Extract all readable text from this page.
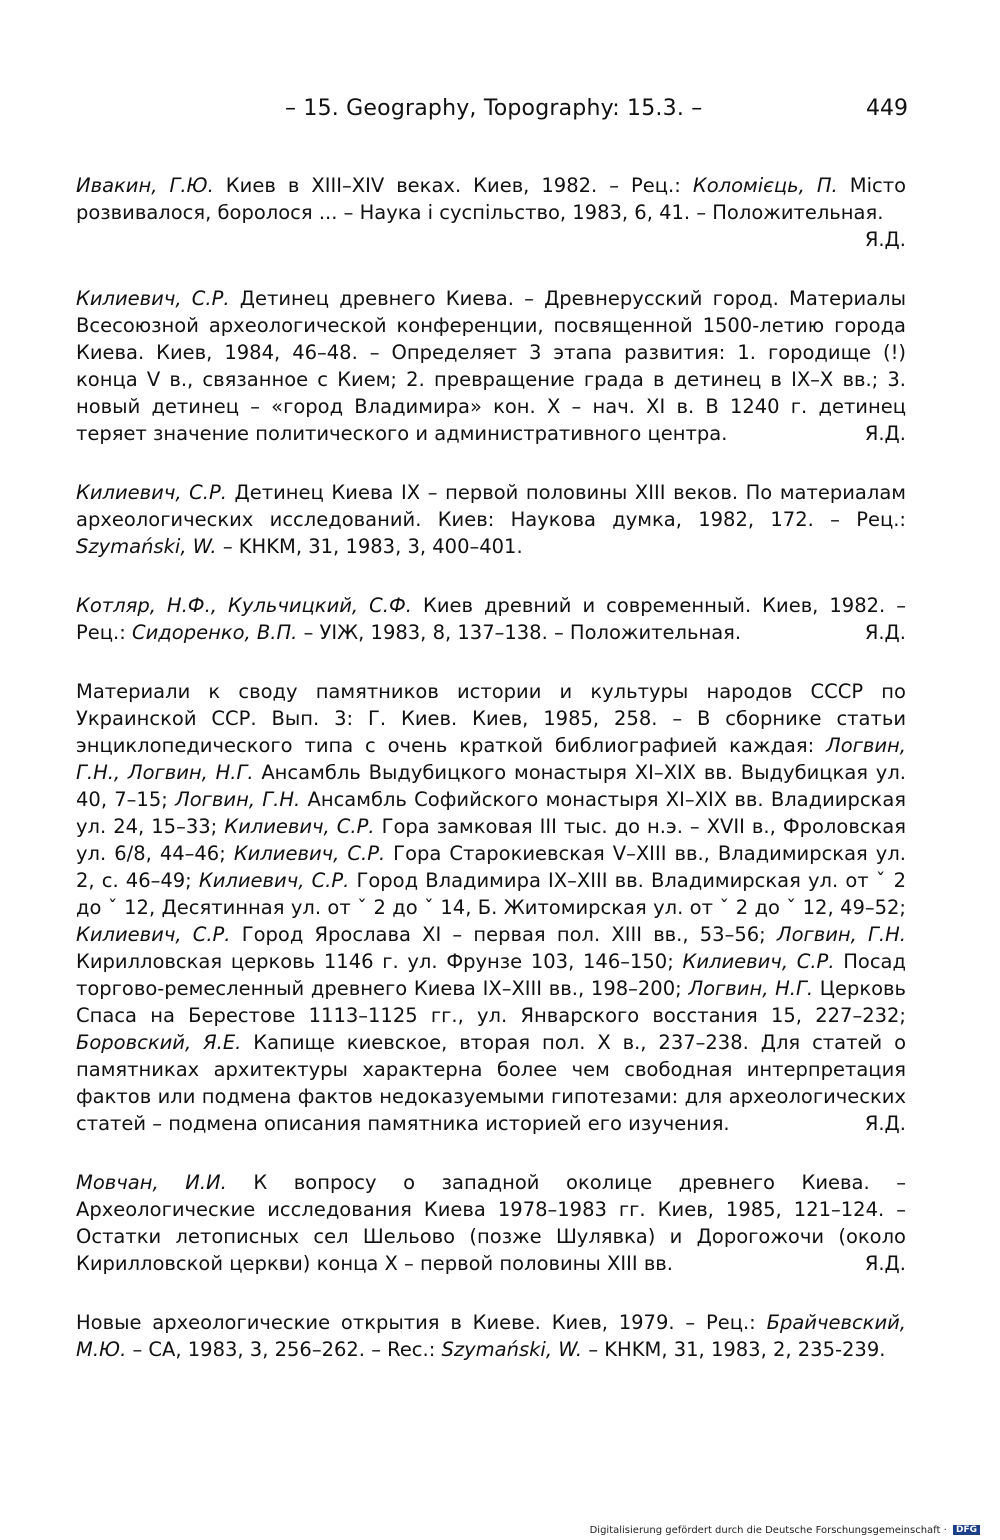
– 15. Geography, Topography: 15.3. –	449
Ивакин, Г.Ю. Киев в XIII–XIV веках. Киев, 1982. – Рец.: Коломієць, П. Місто розвивалося, боролося ... – Наука і суспільство, 1983, 6, 41. – Положительная.
Я.Д.
Килиевич, С.Р. Детинец древнего Киева. – Древнерусский город. Материалы Всесоюзной археологической конференции, посвященной 1500-летию города Киева. Киев, 1984, 46–48. – Определяет 3 этапа развития: 1. городище (!) конца V в., связанное с Кием; 2. превращение града в детинец в IX–X вв.; 3. новый детинец – «город Владимира» кон. X – нач. XI в. В 1240 г. детинец теряет значение политического и административного центра.	Я.Д.
Килиевич, С.Р. Детинец Киева IX – первой половины XIII веков. По материалам археологических исследований. Киев: Наукова думка, 1982, 172. – Рец.: Szymański, W. – KHKM, 31, 1983, 3, 400–401.
Котляр, Н.Ф., Кульчицкий, С.Ф. Киев древний и современный. Киев, 1982. – Рец.: Сидоренко, В.П. – УІЖ, 1983, 8, 137–138. – Положительная.	Я.Д.
Материали к своду памятников истории и культуры народов СССР по Украинской ССР. Вып. 3: Г. Киев. Киев, 1985, 258. – В сборнике статьи энциклопедического типа с очень краткой библиографией каждая: Логвин, Г.Н., Логвин, Н.Г. Ансамбль Выдубицкого монастыря XI–XIX вв. Выдубицкая ул. 40, 7–15; Логвин, Г.Н. Ансамбль Софийского монастыря XI–XIX вв. Владиирская ул. 24, 15–33; Килиевич, С.Р. Гора замковая III тыс. до н.э. – XVII в., Фроловская ул. 6/8, 44–46; Килиевич, С.Р. Гора Старокиевская V–XIII вв., Владимирская ул. 2, с. 46–49; Килиевич, С.Р. Город Владимира IX–XIII вв. Владимирская ул. от ˇ 2 до ˇ 12, Десятинная ул. от ˇ 2 до ˇ 14, Б. Житомирская ул. от ˇ 2 до ˇ 12, 49–52; Килиевич, С.Р. Город Ярослава XI – первая пол. XIII вв., 53–56; Логвин, Г.Н. Кирилловская церковь 1146 г. ул. Фрунзе 103, 146–150; Килиевич, С.Р. Посад торгово-ремесленный древнего Киева IX–XIII вв., 198–200; Логвин, Н.Г. Церковь Спаса на Берестове 1113–1125 гг., ул. Январского восстания 15, 227–232; Боровский, Я.Е. Капище киевское, вторая пол. X в., 237–238. Для статей о памятниках архитектуры характерна более чем свободная интерпретация фактов или подмена фактов недоказуемыми гипотезами: для археологических статей – подмена описания памятника историей его изучения.	Я.Д.
Мовчан, И.И. К вопросу о западной околице древнего Киева. – Археологические исследования Киева 1978–1983 гг. Киев, 1985, 121–124. – Остатки летописных сел Шельово (позже Шулявка) и Дорогожочи (около Кирилловской церкви) конца X – первой половины XIII вв.	Я.Д.
Новые археологические открытия в Киеве. Киев, 1979. – Рец.: Брайчевский, М.Ю. – CA, 1983, 3, 256–262. – Rec.: Szymański, W. – KHKM, 31, 1983, 2, 235-239.
Digitalisierung gefördert durch die Deutsche Forschungsgemeinschaft · DFG
